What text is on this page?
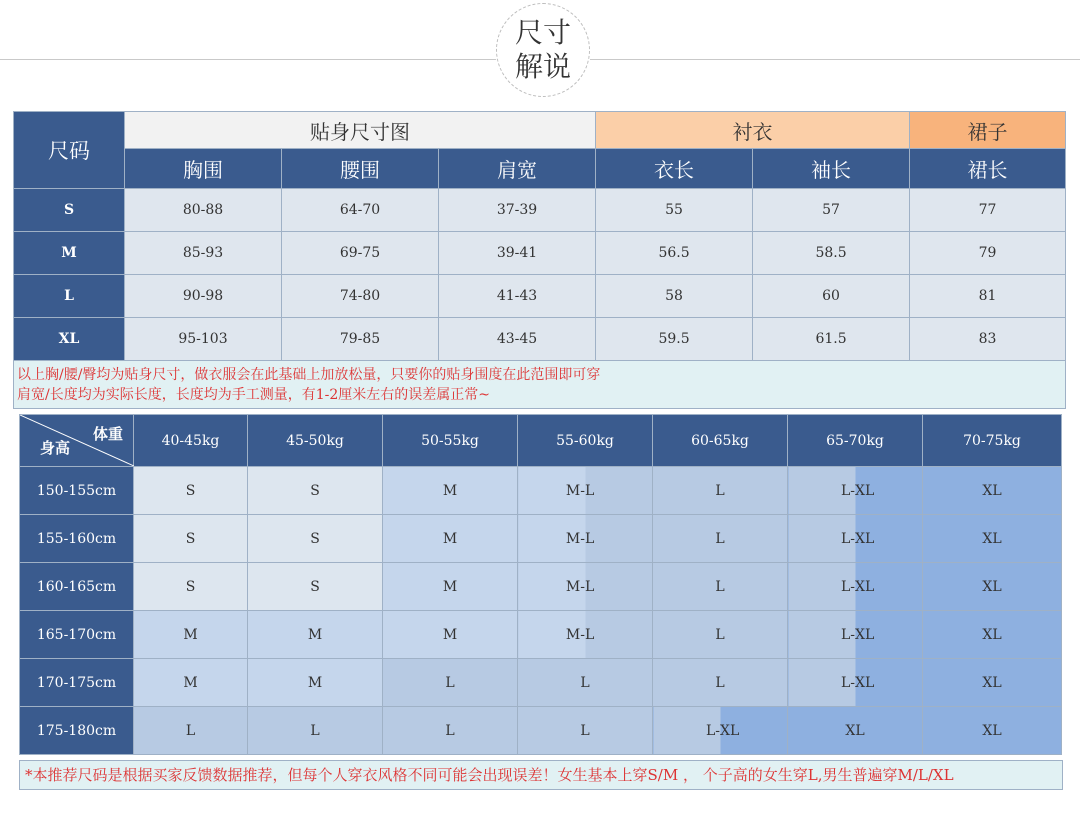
尺寸
解说
尺码	贴身尺寸图			衬衣		裙子
	胸围	腰围	肩宽	衣长	袖长	裙长
S	80-88	64-70	37-39	55	57	77
M	85-93	69-75	39-41	56.5	58.5	79
L	90-98	74-80	41-43	58	60	81
XL	95-103	79-85	43-45	59.5	61.5	83

以上胸/腰/臀均为贴身尺寸，做衣服会在此基础上加放松量，只要你的贴身围度在此范围即可穿
肩宽/长度均为实际长度，长度均为手工测量，有1-2厘米左右的误差属正常~						
体重
身高	40-45kg	45-50kg	50-55kg	55-60kg	60-65kg	65-70kg	70-75kg
150-155cm	S	S	M	M- L	L	L- XL	XL
155-160cm	S	S	M	M- L	L	L- XL	XL
160-165cm	S	S	M	M- L	L	L- XL	XL
165-170cm	M	M	M	M- L	L	L- XL	XL
170-175cm	M	M	L	L	L	L- XL	XL
175-180cm	L	L	L	L	L- XL	XL	XL
*本推荐尺码是根据买家反馈数据推荐，但每个人穿衣风格不同可能会出现误差！女生基本上穿S/M ， 个子高的女生穿L,男生普遍穿M/L/XL
